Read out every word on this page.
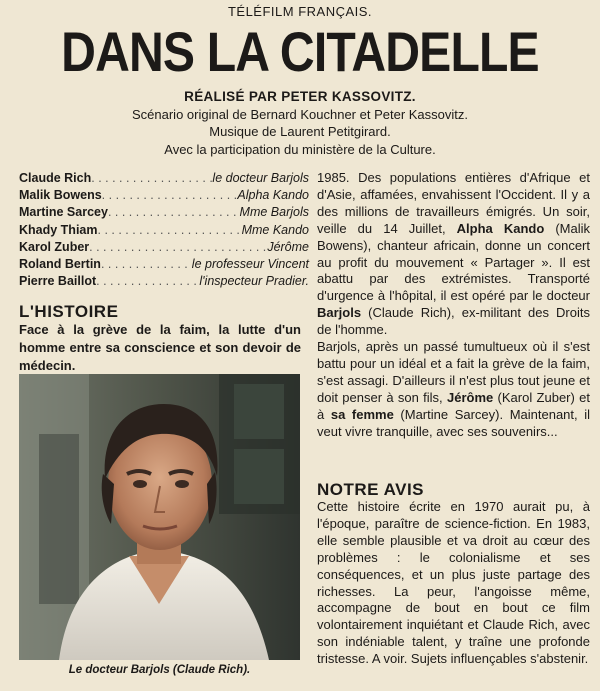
TÉLÉFILM FRANÇAIS.
DANS LA CITADELLE
RÉALISÉ PAR PETER KASSOVITZ.
Scénario original de Bernard Kouchner et Peter Kassovitz.
Musique de Laurent Petitgirard.
Avec la participation du ministère de la Culture.
Claude Rich . . .	le docteur Barjols
Malik Bowens . . .	Alpha Kando
Martine Sarcey . . .	Mme Barjols
Khady Thiam . . .	Mme Kando
Karol Zuber . . .	Jérôme
Roland Bertin . . .	le professeur Vincent
Pierre Baillot . . .	l'inspecteur Pradier.
L'HISTOIRE
Face à la grève de la faim, la lutte d'un homme entre sa conscience et son devoir de médecin.
Le docteur Barjols (Claude Rich).

1985. Des populations entières d'Afrique et d'Asie, affamées, envahissent l'Occident. Il y a des millions de travailleurs émigrés. Un soir, veille du 14 Juillet, Alpha Kando (Malik Bowens), chanteur africain, donne un concert au profit du mouvement « Partager ». Il est abattu par des extrémistes. Transporté d'urgence à l'hôpital, il est opéré par le docteur Barjols (Claude Rich), ex-militant des Droits de l'homme.

Barjols, après un passé tumultueux où il s'est battu pour un idéal et a fait la grève de la faim, s'est assagi. D'ailleurs il n'est plus tout jeune et doit penser à son fils, Jérôme (Karol Zuber) et à sa femme (Martine Sarcey). Maintenant, il veut vivre tranquille, avec ses souvenirs...

NOTRE AVIS
Cette histoire écrite en 1970 aurait pu, à l'époque, paraître de science-fiction. En 1983, elle semble plausible et va droit au cœur des problèmes : le colonialisme et ses conséquences, et un plus juste partage des richesses. La peur, l'angoisse même, accompagne de bout en bout ce film volontairement inquiétant et Claude Rich, avec son indéniable talent, y traîne une profonde tristesse. A voir. Sujets influençables s'abstenir.
